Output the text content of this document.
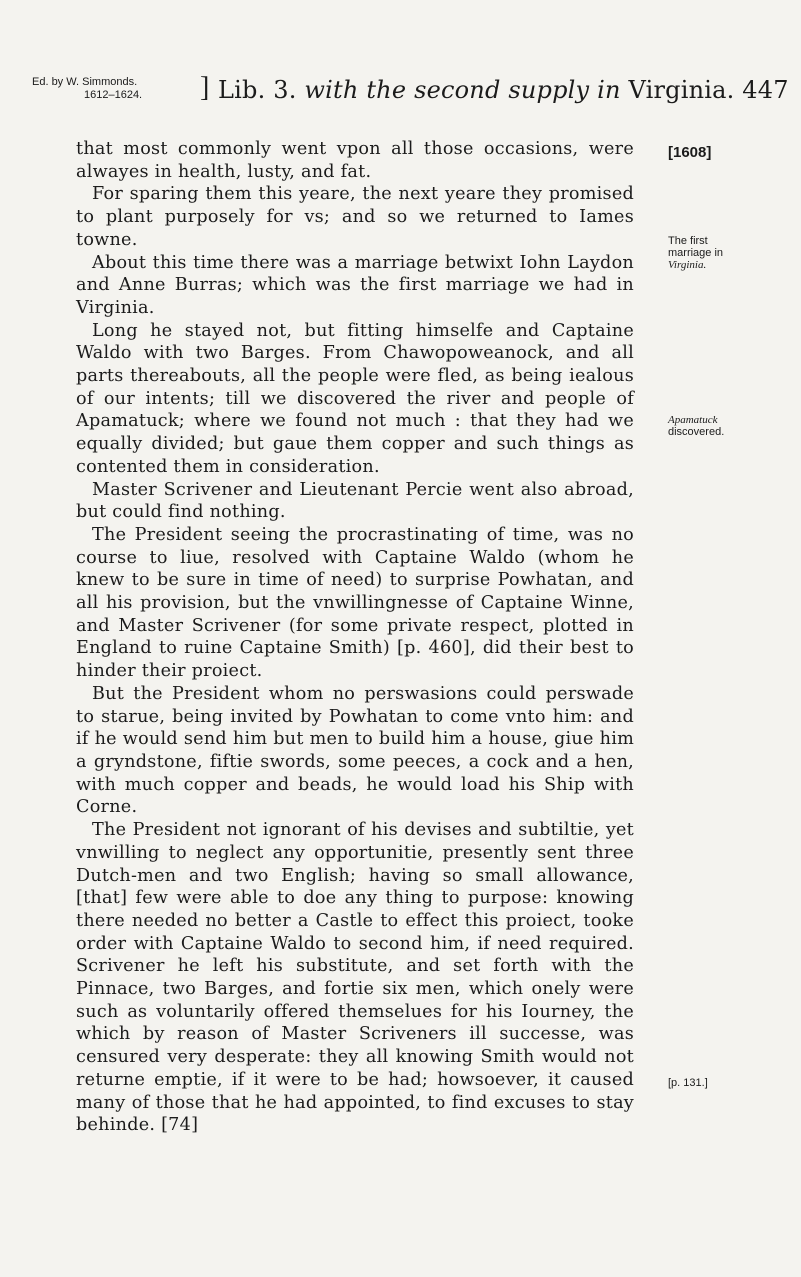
Ed. by W. Simmonds.
1612–1624. ] Lib. 3. with the second supply in Virginia. 447

that most commonly went vpon all those occasions, were alwayes in health, lusty, and fat.

For sparing them this yeare, the next yeare they promised to plant purposely for vs; and so we returned to Iames towne.

About this time there was a marriage betwixt Iohn Laydon and Anne Burras; which was the first marriage we had in Virginia.

Long he stayed not, but fitting himselfe and Captaine Waldo with two Barges. From Chawopoweanock, and all parts thereabouts, all the people were fled, as being iealous of our intents; till we discovered the river and people of Apamatuck; where we found not much : that they had we equally divided; but gaue them copper and such things as contented them in consideration.

Master Scrivener and Lieutenant Percie went also abroad, but could find nothing.

The President seeing the procrastinating of time, was no course to liue, resolved with Captaine Waldo (whom he knew to be sure in time of need) to surprise Powhatan, and all his provision, but the vnwillingnesse of Captaine Winne, and Master Scrivener (for some private respect, plotted in England to ruine Captaine Smith) [p. 460], did their best to hinder their proiect.

But the President whom no perswasions could perswade to starue, being invited by Powhatan to come vnto him: and if he would send him but men to build him a house, giue him a gryndstone, fiftie swords, some peeces, a cock and a hen, with much copper and beads, he would load his Ship with Corne.

The President not ignorant of his devises and subtiltie, yet vnwilling to neglect any opportunitie, presently sent three Dutch-men and two English; having so small allowance, [that] few were able to doe any thing to purpose: knowing there needed no better a Castle to effect this proiect, tooke order with Captaine Waldo to second him, if need required. Scrivener he left his substitute, and set forth with the Pinnace, two Barges, and fortie six men, which onely were such as voluntarily offered themselues for his Iourney, the which by reason of Master Scriveners ill successe, was censured very desperate: they all knowing Smith would not returne emptie, if it were to be had; howsoever, it caused many of those that he had appointed, to find excuses to stay behinde. [74]

[1608]
The first
marriage in
Virginia.
Apamatuck
discovered.
[p. 131.]
